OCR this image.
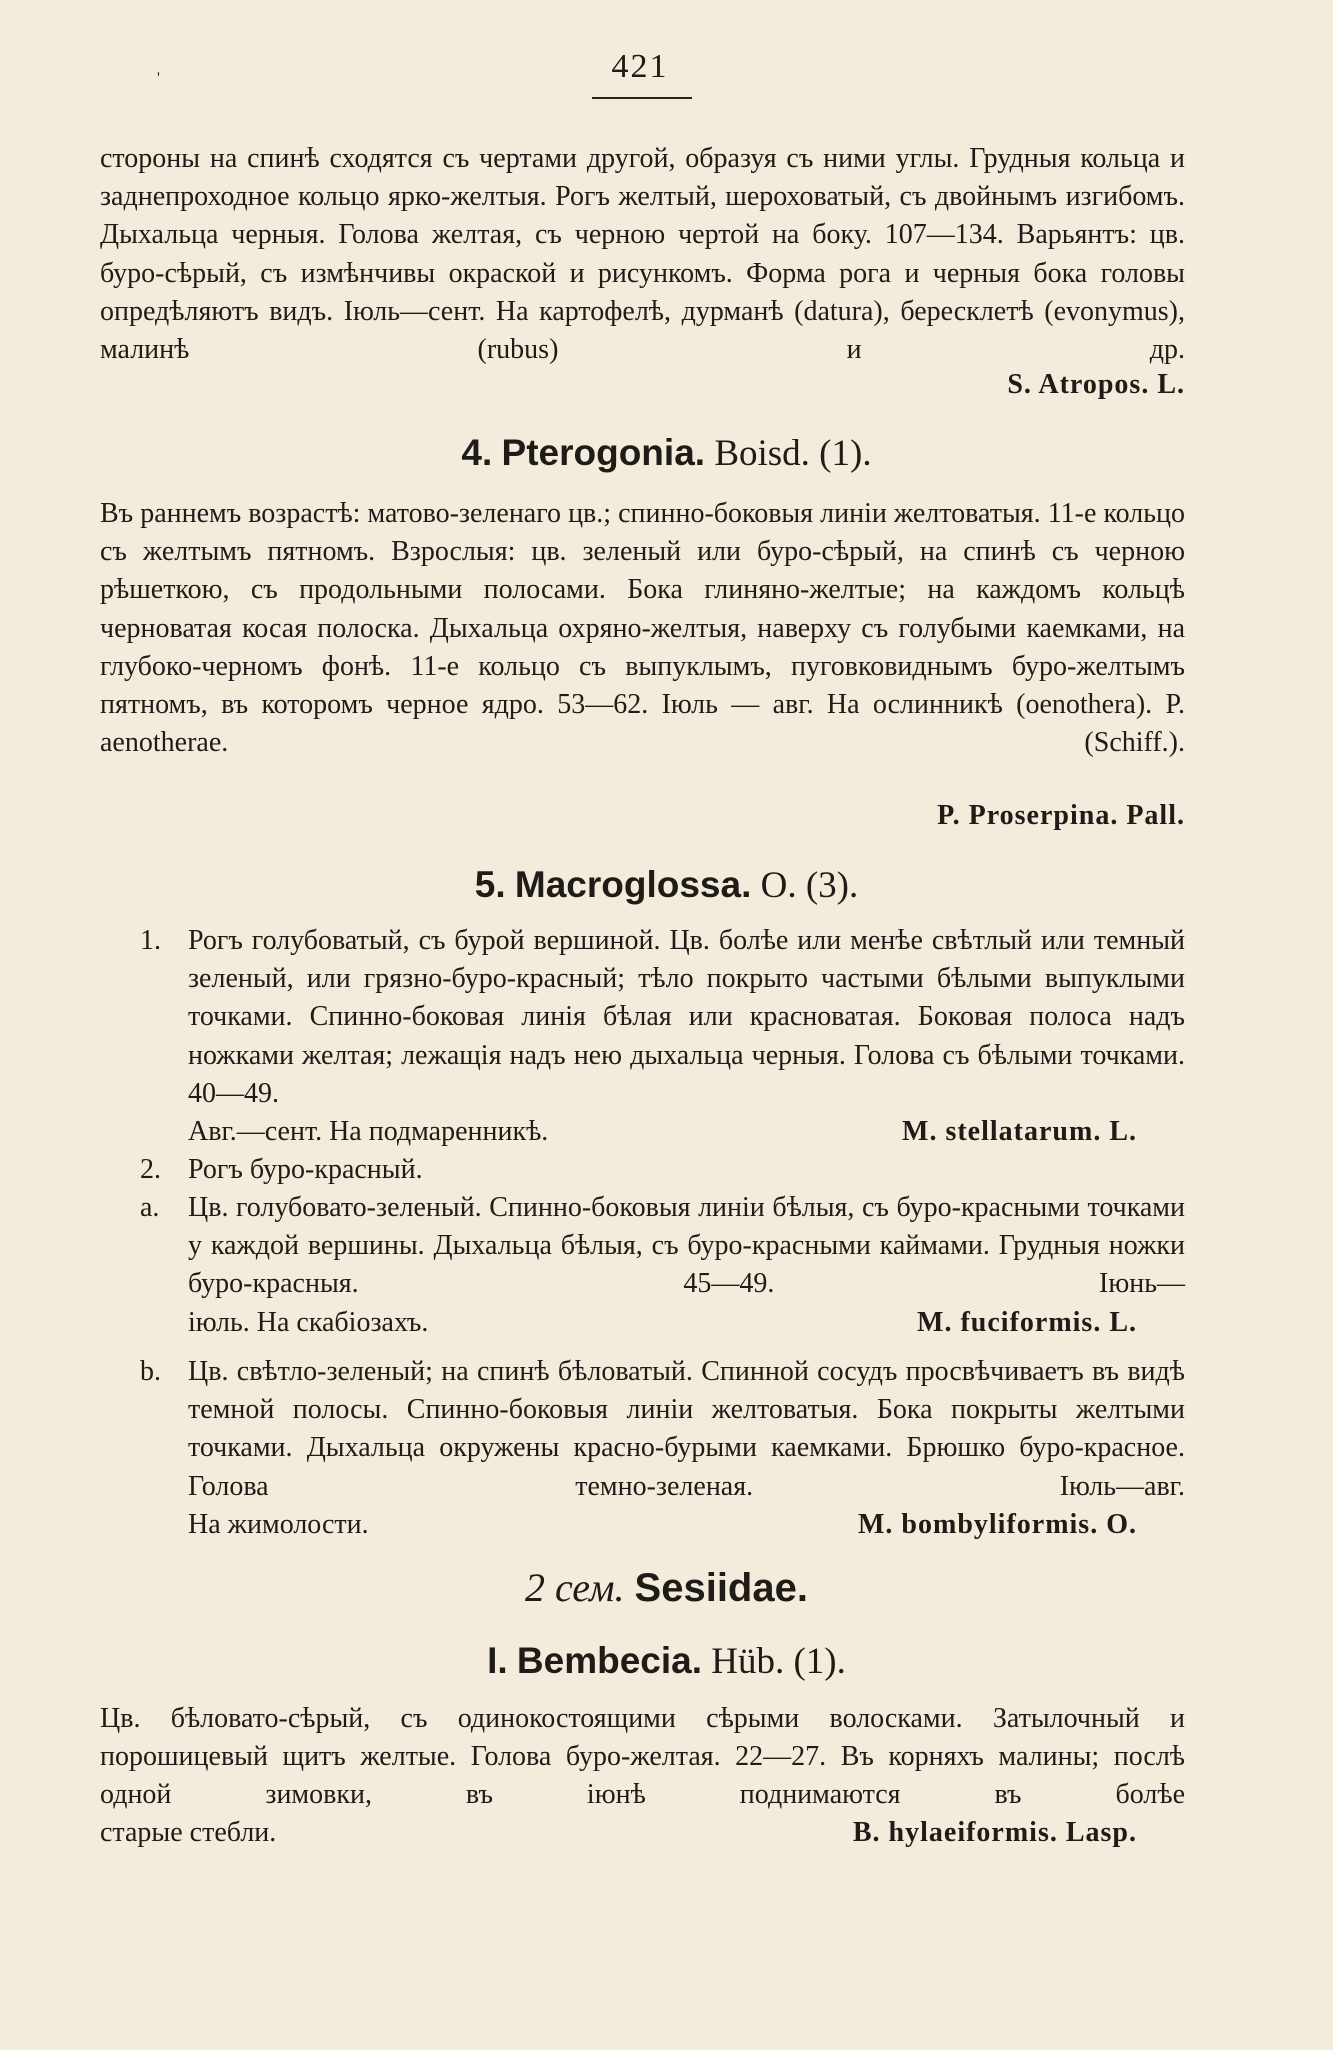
'	421

стороны на спинѣ сходятся съ чертами другой, образуя съ ними углы. Грудныя кольца и заднепроходное кольцо ярко-желтыя. Рогъ желтый, шероховатый, съ двойнымъ изгибомъ. Дыхальца черныя. Голова желтая, съ черною чертой на боку. 107—134. Варьянтъ: цв. буро-сѣрый, съ измѣнчивы окраской и рисункомъ. Форма рога и черныя бока головы опредѣляютъ видъ. Іюль—сент. На картофелѣ, дурманѣ (datura), бересклетѣ (evonymus), малинѣ (rubus) и др.

S. Atropos. L.
4. Pterogonia. Boisd. (1).

Въ раннемъ возрастѣ: матово-зеленаго цв.; спинно-боковыя линіи желтоватыя. 11-е кольцо съ желтымъ пятномъ. Взрослыя: цв. зеленый или буро-сѣрый, на спинѣ съ черною рѣшеткою, съ продольными полосами. Бока глиняно-желтые; на каждомъ кольцѣ черноватая косая полоска. Дыхальца охряно-желтыя, наверху съ голубыми каемками, на глубоко-черномъ фонѣ. 11-е кольцо съ выпуклымъ, пуговковиднымъ буро-желтымъ пятномъ, въ которомъ черное ядро. 53—62. Іюль — авг. На ослинникѣ (oenothera). P. aenotherae. (Schiff.).

P. Proserpina. Pall.
5. Macroglossa. O. (3).
1. Рогъ голубоватый, съ бурой вершиной. Цв. болѣе или менѣе свѣтлый или темный зеленый, или грязно-буро-красный; тѣло покрыто частыми бѣлыми выпуклыми точками. Спинно-боковая линія бѣлая или красноватая. Боковая полоса надъ ножками желтая; лежащія надъ нею дыхальца черныя. Голова съ бѣлыми точками. 40—49.
Авг.—сент. На подмаренникѣ.	M. stellatarum. L.
2. Рогъ буро-красный.
a.	Цв. голубовато-зеленый. Спинно-боковыя линіи бѣлыя, съ буро-красными точками у каждой вершины. Дыхальца бѣлыя, съ буро-красными каймами. Грудныя ножки буро-красныя. 45—49. Іюнь—
іюль. На скабіозахъ.	M. fuciformis. L.
b. Цв. свѣтло-зеленый; на спинѣ бѣловатый. Спинной сосудъ просвѣчиваетъ въ видѣ темной полосы. Спинно-боковыя линіи желтоватыя. Бока покрыты желтыми точками. Дыхальца окружены красно-бурыми каемками. Брюшко буро-красное. Голова темно-зеленая. Іюль—авг.
На жимолости.	M. bombyliformis. O.
2 сем. Sesiidae.
I. Bembecia. Hüb. (1).

Цв. бѣловато-сѣрый, съ одинокостоящими сѣрыми волосками. Затылочный и порошицевый щитъ желтые. Голова буро-желтая. 22—27. Въ корняхъ малины; послѣ одной зимовки, въ іюнѣ поднимаются въ болѣе

старые стебли.	B. hylaeiformis. Lasp.
